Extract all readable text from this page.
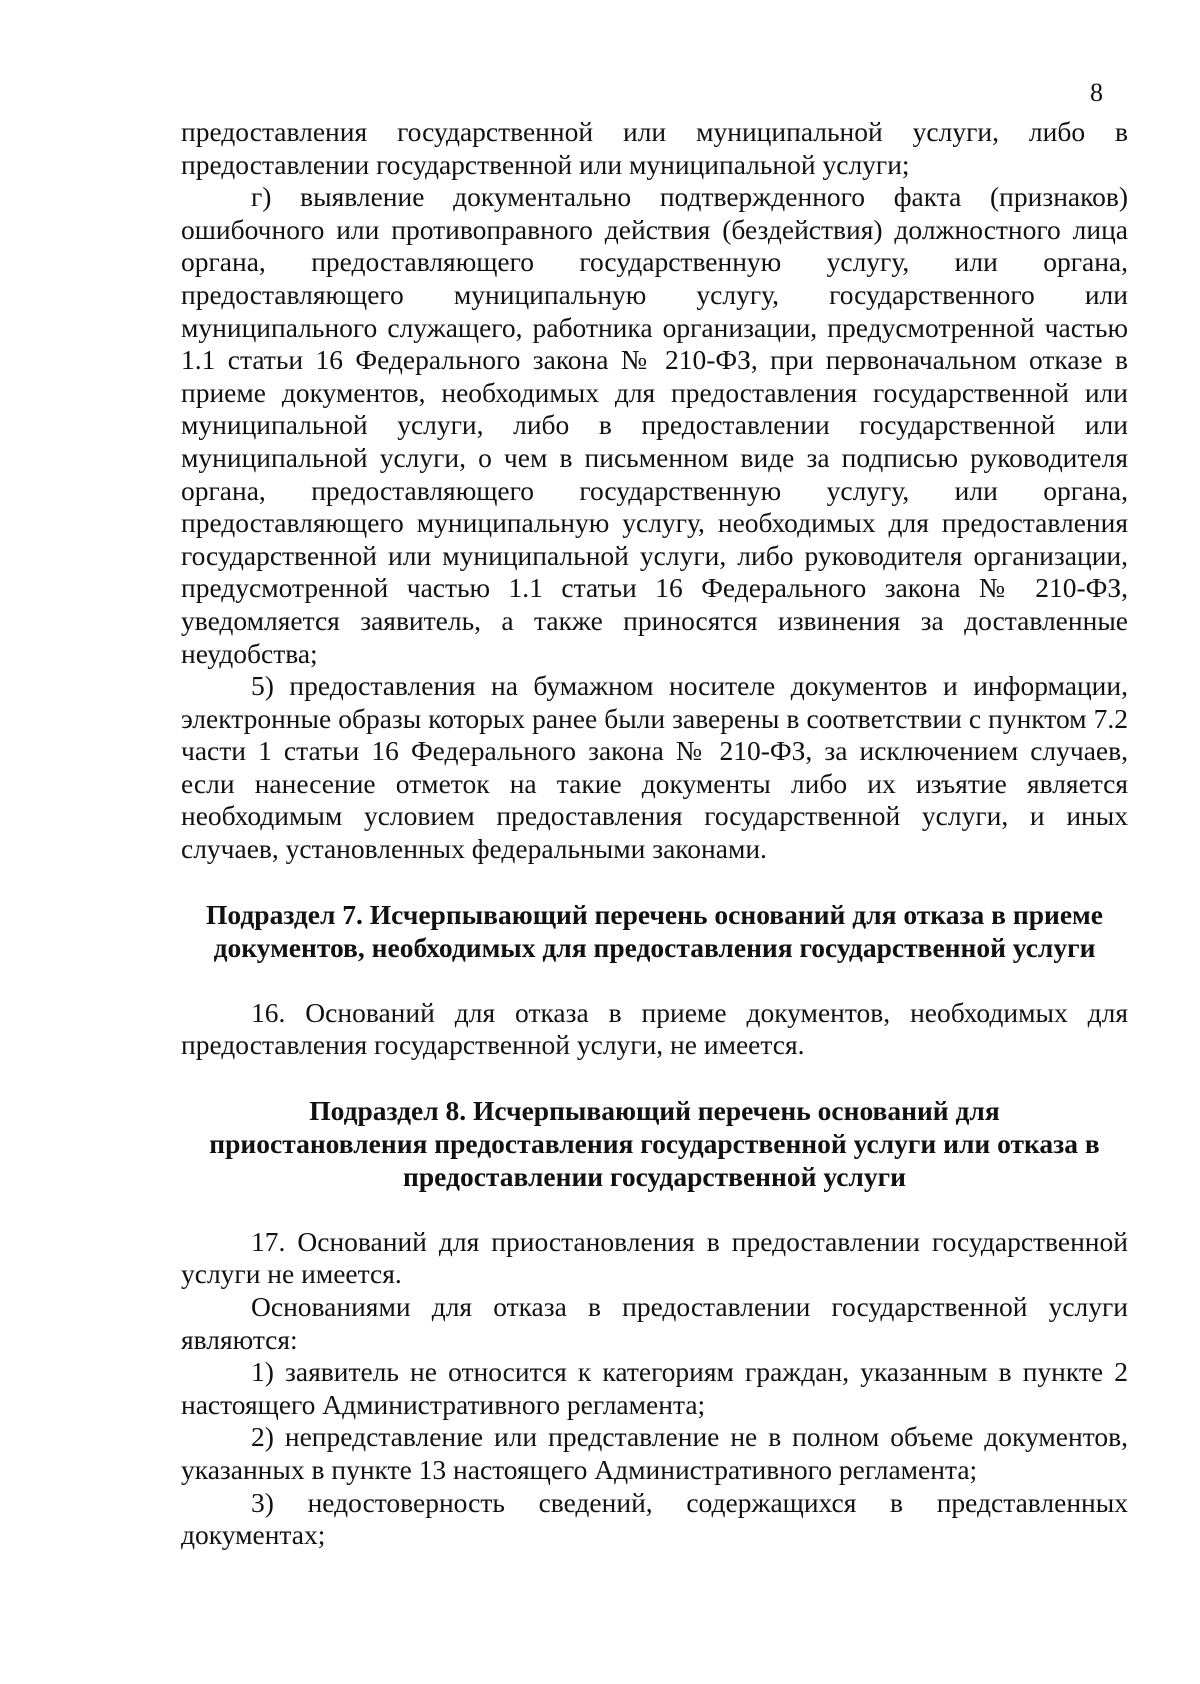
8

предоставления государственной или муниципальной услуги, либо в предоставлении государственной или муниципальной услуги;

г) выявление документально подтвержденного факта (признаков) ошибочного или противоправного действия (бездействия) должностного лица органа, предоставляющего государственную услугу, или органа, предоставляющего муниципальную услугу, государственного или муниципального служащего, работника организации, предусмотренной частью 1.1 статьи 16 Федерального закона № 210-ФЗ, при первоначальном отказе в приеме документов, необходимых для предоставления государственной или муниципальной услуги, либо в предоставлении государственной или муниципальной услуги, о чем в письменном виде за подписью руководителя органа, предоставляющего государственную услугу, или органа, предоставляющего муниципальную услугу, необходимых для предоставления государственной или муниципальной услуги, либо руководителя организации, предусмотренной частью 1.1 статьи 16 Федерального закона № 210-ФЗ, уведомляется заявитель, а также приносятся извинения за доставленные неудобства;

5) предоставления на бумажном носителе документов и информации, электронные образы которых ранее были заверены в соответствии с пунктом 7.2 части 1 статьи 16 Федерального закона № 210-ФЗ, за исключением случаев, если нанесение отметок на такие документы либо их изъятие является необходимым условием предоставления государственной услуги, и иных случаев, установленных федеральными законами.

Подраздел 7. Исчерпывающий перечень оснований для отказа в приеме
документов, необходимых для предоставления государственной услуги

16. Оснований для отказа в приеме документов, необходимых для предоставления государственной услуги, не имеется.

Подраздел 8. Исчерпывающий перечень оснований для
приостановления предоставления государственной услуги или отказа в
предоставлении государственной услуги

17. Оснований для приостановления в предоставлении государственной услуги не имеется.

Основаниями для отказа в предоставлении государственной услуги являются:

1) заявитель не относится к категориям граждан, указанным в пункте 2 настоящего Административного регламента;

2) непредставление или представление не в полном объеме документов, указанных в пункте 13 настоящего Административного регламента;

3) недостоверность сведений, содержащихся в представленных документах;
